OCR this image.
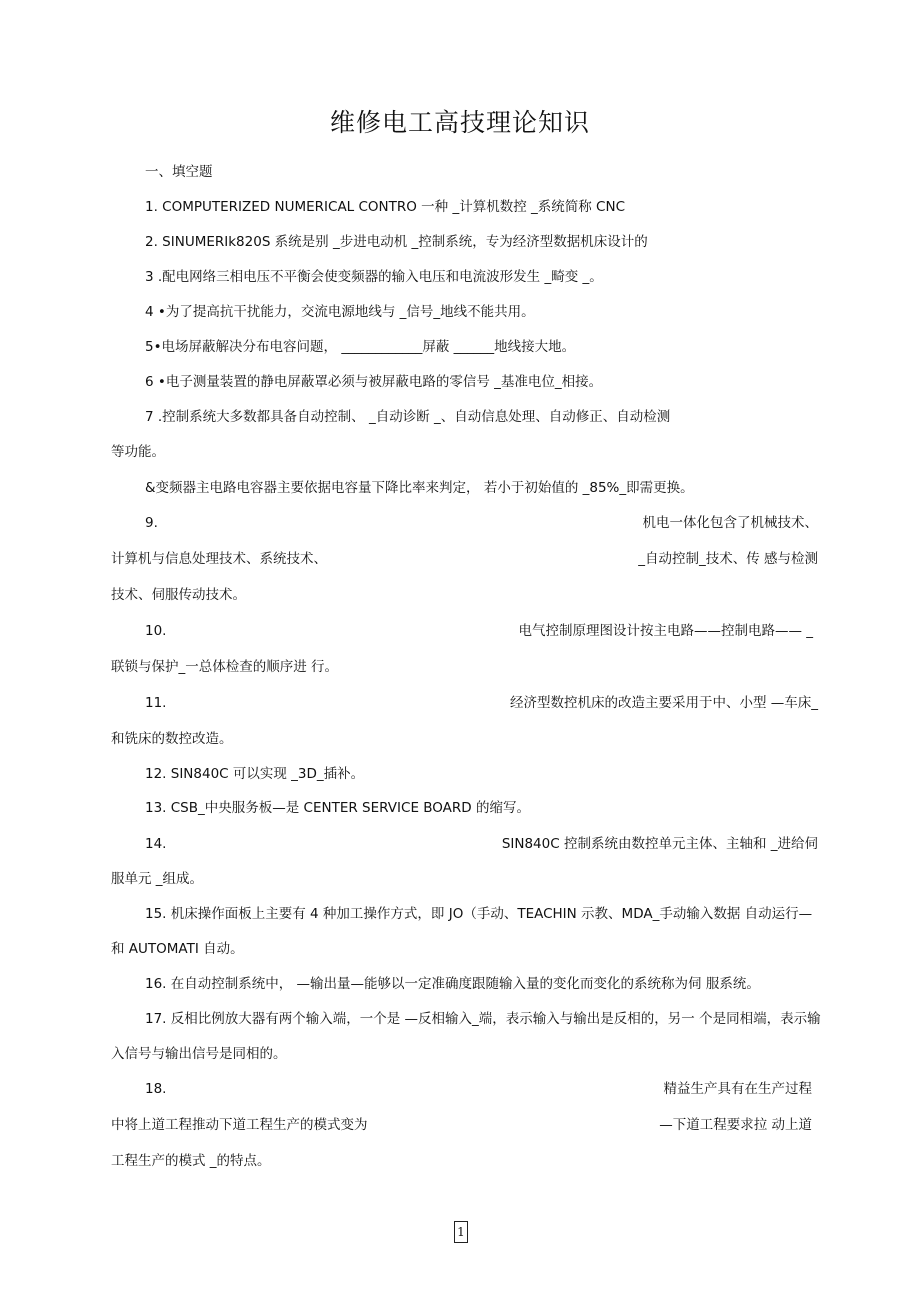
维修电工高技理论知识
一、填空题
1. COMPUTERIZED NUMERICAL CONTRO 一种 _计算机数控 _系统简称 CNC
2. SINUMERIk820S 系统是别 _步进电动机 _控制系统，专为经济型数据机床设计的
3 .配电网络三相电压不平衡会使变频器的输入电压和电流波形发生 _畸变 _。
4 •为了提高抗干扰能力，交流电源地线与 _信号_地线不能共用。
5•电场屏蔽解决分布电容问题， ____________屏蔽 ______地线接大地。
6 •电子测量装置的静电屏蔽罩必须与被屏蔽电路的零信号 _基准电位_相接。
7 .控制系统大多数都具备自动控制、 _自动诊断 _、自动信息处理、自动修正、自动检测
等功能。
&变频器主电路电容器主要依据电容量下降比率来判定， 若小于初始值的 _85%_即需更换。
9.	机电一体化包含了机械技术、
计算机与信息处理技术、系统技术、	_自动控制_技术、传 感与检测
技术、伺服传动技术。
10.	电气控制原理图设计按主电路——控制电路—— _
联锁与保护_一总体检查的顺序进 行。
11.	经济型数控机床的改造主要采用于中、小型 —车床_
和铣床的数控改造。
12. SIN840C 可以实现 _3D_插补。
13. CSB_中央服务板—是 CENTER SERVICE BOARD 的缩写。
14.	SIN840C 控制系统由数控单元主体、主轴和 _进给伺
服单元 _组成。
15. 机床操作面板上主要有 4 种加工操作方式，即 JO（手动、TEACHIN 示教、MDA_手动输入数据 自动运行—
和 AUTOMATI 自动。
16. 在自动控制系统中， —输出量—能够以一定准确度跟随输入量的变化而变化的系统称为伺 服系统。
17. 反相比例放大器有两个输入端，一个是 —反相输入_端，表示输入与输出是反相的，另一 个是同相端，表示输
入信号与输出信号是同相的。
18.	精益生产具有在生产过程
中将上道工程推动下道工程生产的模式变为	—下道工程要求拉 动上道
工程生产的模式 _的特点。
1
